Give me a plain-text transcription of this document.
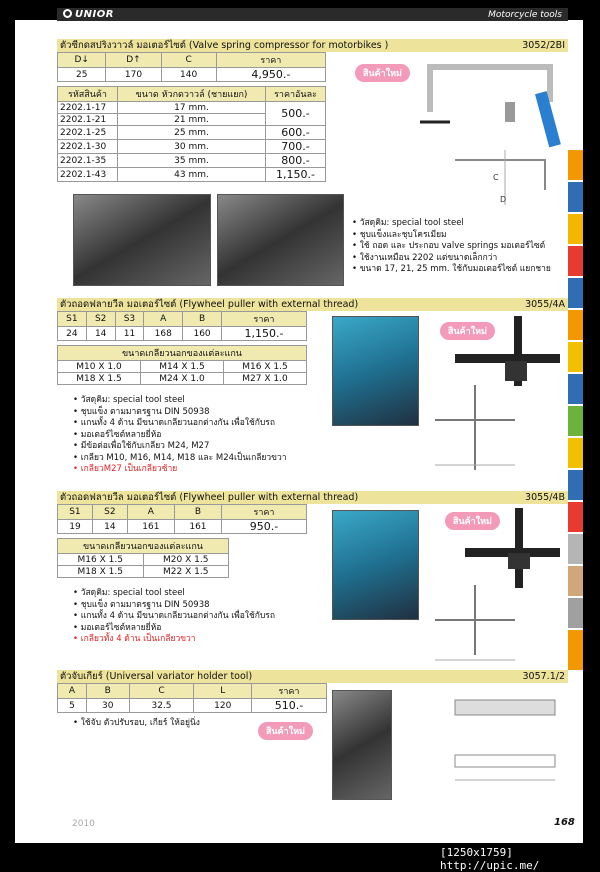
UNIOR	Motorcycle tools
ตัวซีกดสปริงวาวล์ มอเตอร์ไซต์ (Valve spring compressor for motorbikes )	3052/2BI
D↓	D↑	C	ราคา
25	170	140	4,950.-
รหัสสินค้า	ขนาด หัวกดวาวล์ (ชายแยก)	ราคาอันละ
2202.1-17	17 mm.	500.-
2202.1-21	21 mm.	
2202.1-25	25 mm.	600.-
2202.1-30	30 mm.	700.-
2202.1-35	35 mm.	800.-
2202.1-43	43 mm.	1,150.-
สินค้าใหม่
C
D
• วัสดุคิม: special tool steel
• ชุบแข็งและชุบโครเมียม
• ใช้ ถอด และ ประกอบ valve springs มอเตอร์ไซต์
• ใช้งานเหมือน 2202 แต่ขนาดเล็กกว่า
• ขนาด 17, 21, 25 mm. ใช้กับมอเตอร์ไซต์ แยกชาย
ตัวถอดฟลายวีล มอเตอร์ไซต์ (Flywheel puller with external thread)	3055/4A
S1	S2	S3	A	B	ราคา
24	14	11	168	160	1,150.-
ขนาดเกลียวนอกของแต่ละแกน		
M10 X 1.0	M14 X 1.5	M16 X 1.5
M18 X 1.5	M24 X 1.0	M27 X 1.0
สินค้าใหม่
• วัสดุคิม: special tool steel
• ชุบแข็ง ตามมาตรฐาน DIN 50938
• แกนทั้ง 4 ด้าน มีขนาดเกลียวนอกต่างกัน เพื่อใช้กับรถ
• มอเตอร์ไซต์หลายยี่ห้อ
• มีข้อต่อเพื่อใช้กับเกลียว M24, M27
• เกลียว M10, M16, M14, M18 และ M24เป็นเกลียวขวา
• เกลียวM27 เป็นเกลียวซ้าย
ตัวถอดฟลายวีล มอเตอร์ไซต์ (Flywheel puller with external thread)	3055/4B
S1	S2	A	B	ราคา
19	14	161	161	950.-
ขนาดเกลียวนอกของแต่ละแกน	
M16 X 1.5	M20 X 1.5
M18 X 1.5	M22 X 1.5
สินค้าใหม่
• วัสดุคิม: special tool steel
• ชุบแข็ง ตามมาตรฐาน DIN 50938
• แกนทั้ง 4 ด้าน มีขนาดเกลียวนอกต่างกัน เพื่อใช้กับรถ
• มอเตอร์ไซต์หลายยี่ห้อ
• เกลียวทั้ง 4 ด้าน เป็นเกลียวขวา
ตัวจับเกียร์ (Universal variator holder tool)	3057.1/2
A	B	C	L	ราคา
5	30	32.5	120	510.-
• ใช้จับ ตัวปรับรอบ, เกียร์ ให้อยู่นิ่ง
สินค้าใหม่
2010	168
[1250x1759] http://upic.me/
